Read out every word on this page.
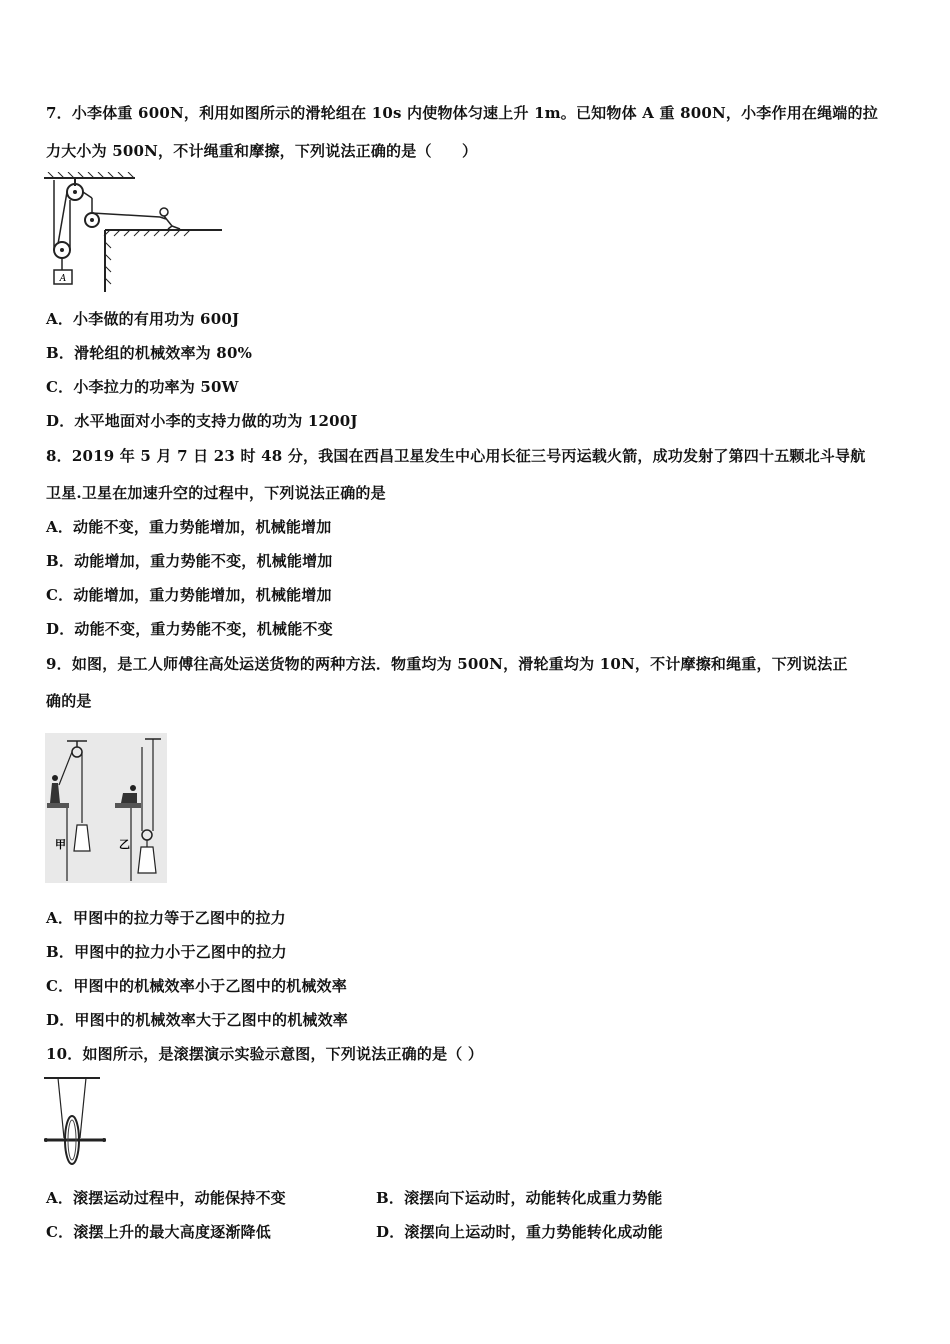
7．小李体重 600N，利用如图所示的滑轮组在 10s 内使物体匀速上升 1m。已知物体 A 重 800N，小李作用在绳端的拉
力大小为 500N，不计绳重和摩擦，下列说法正确的是（　　）
A
A．小李做的有用功为 600J
B．滑轮组的机械效率为 80%
C．小李拉力的功率为 50W
D．水平地面对小李的支持力做的功为 1200J
8．2019 年 5 月 7 日 23 时 48 分，我国在西昌卫星发生中心用长征三号丙运载火箭，成功发射了第四十五颗北斗导航
卫星.卫星在加速升空的过程中，下列说法正确的是
A．动能不变，重力势能增加，机械能增加
B．动能增加，重力势能不变，机械能增加
C．动能增加，重力势能增加，机械能增加
D．动能不变，重力势能不变，机械能不变
9．如图，是工人师傅往高处运送货物的两种方法．物重均为 500N，滑轮重均为 10N，不计摩擦和绳重，下列说法正
确的是
甲	乙
A．甲图中的拉力等于乙图中的拉力
B．甲图中的拉力小于乙图中的拉力
C．甲图中的机械效率小于乙图中的机械效率
D．甲图中的机械效率大于乙图中的机械效率
10．如图所示，是滚摆演示实验示意图，下列说法正确的是（ ）
A．滚摆运动过程中，动能保持不变	B．滚摆向下运动时，动能转化成重力势能
C．滚摆上升的最大高度逐渐降低	D．滚摆向上运动时，重力势能转化成动能
